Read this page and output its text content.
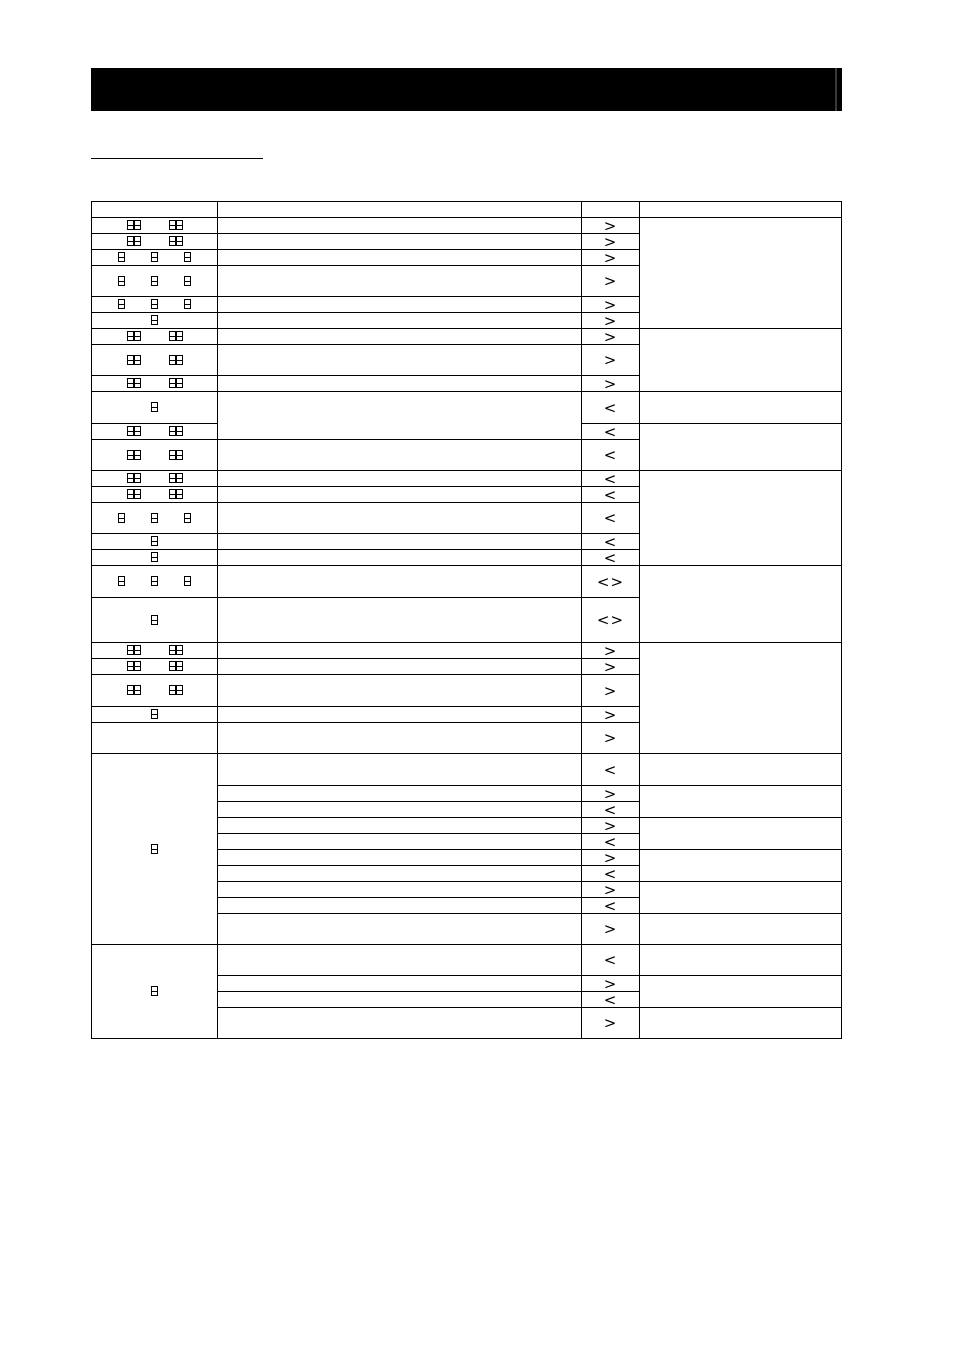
>
>
>
>
>
>
>
>
>
<
<
<
<
<
<
<
<
<>
<>
>
>
>
>
>
<
>
<
>
<
>
<
>
<
>
<
>
<
>
